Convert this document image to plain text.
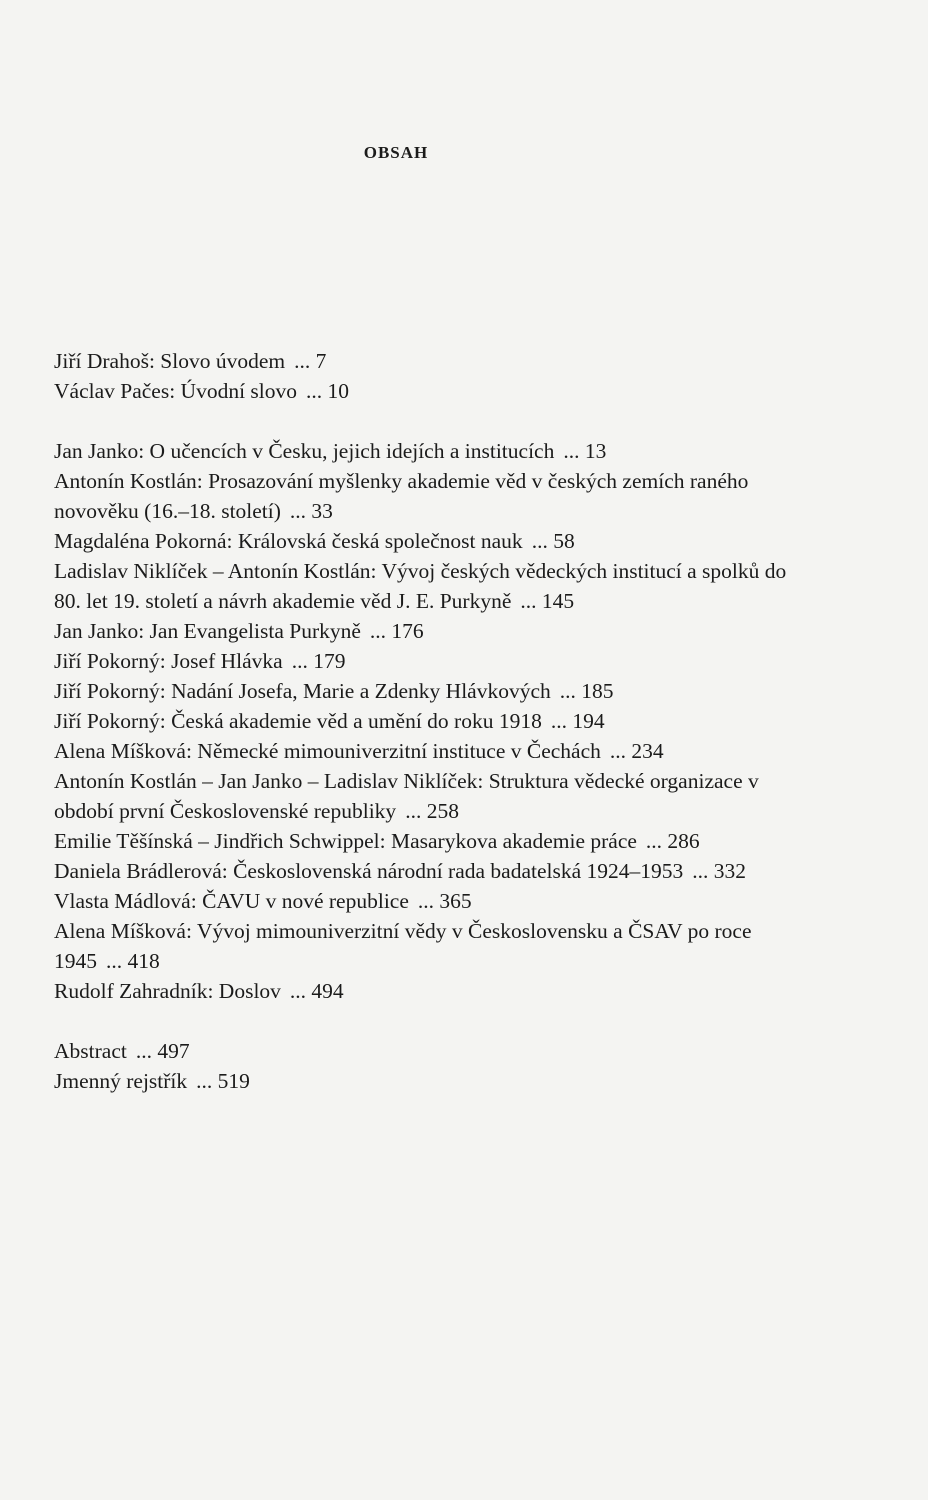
OBSAH
Jiří Drahoš: Slovo úvodem ... 7
Václav Pačes: Úvodní slovo ... 10
Jan Janko: O učencích v Česku, jejich idejích a institucích ... 13
Antonín Kostlán: Prosazování myšlenky akademie věd v českých zemích raného novověku (16.–18. století) ... 33
Magdaléna Pokorná: Královská česká společnost nauk ... 58
Ladislav Niklíček – Antonín Kostlán: Vývoj českých vědeckých institucí a spolků do 80. let 19. století a návrh akademie věd J. E. Purkyně ... 145
Jan Janko: Jan Evangelista Purkyně ... 176
Jiří Pokorný: Josef Hlávka ... 179
Jiří Pokorný: Nadání Josefa, Marie a Zdenky Hlávkových ... 185
Jiří Pokorný: Česká akademie věd a umění do roku 1918 ... 194
Alena Míšková: Německé mimouniverzitní instituce v Čechách ... 234
Antonín Kostlán – Jan Janko – Ladislav Niklíček: Struktura vědecké organizace v období první Československé republiky ... 258
Emilie Těšínská – Jindřich Schwippel: Masarykova akademie práce ... 286
Daniela Brádlerová: Československá národní rada badatelská 1924–1953 ... 332
Vlasta Mádlová: ČAVU v nové republice ... 365
Alena Míšková: Vývoj mimouniverzitní vědy v Československu a ČSAV po roce 1945 ... 418
Rudolf Zahradník: Doslov ... 494
Abstract ... 497
Jmenný rejstřík ... 519
